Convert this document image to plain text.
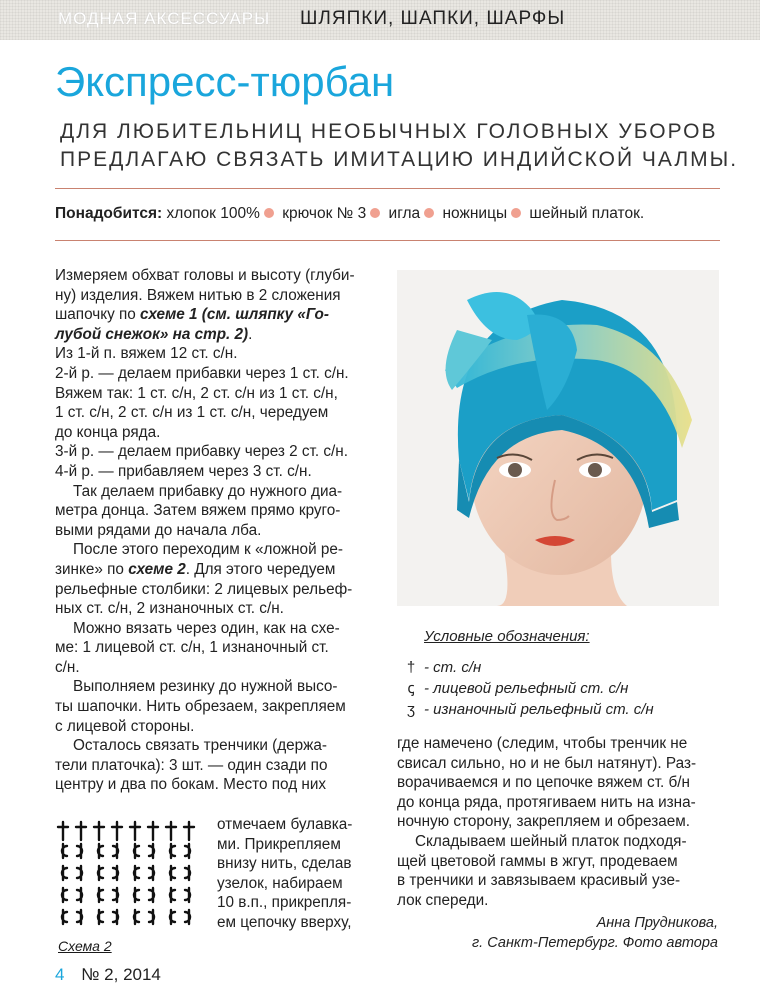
МОДНАЯ АКСЕССУАРЫ ШЛЯПКИ, ШАПКИ, ШАРФЫ
Экспресс-тюрбан
ДЛЯ ЛЮБИТЕЛЬНИЦ НЕОБЫЧНЫХ ГОЛОВНЫХ УБОРОВ
ПРЕДЛАГАЮ СВЯЗАТЬ ИМИТАЦИЮ ИНДИЙСКОЙ ЧАЛМЫ.
Понадобится: хлопок 100% крючок № 3 игла ножницы шейный платок.

Измеряем обхват головы и высоту (глуби-

ну) изделия. Вяжем нитью в 2 сложения

шапочку по схеме 1 (см. шляпку «Го-

лубой снежок» на стр. 2).

Из 1-й п. вяжем 12 ст. с/н.

2-й р. — делаем прибавки через 1 ст. с/н.

Вяжем так: 1 ст. с/н, 2 ст. с/н из 1 ст. с/н,

1 ст. с/н, 2 ст. с/н из 1 ст. с/н, чередуем

до конца ряда.

3-й р. — делаем прибавку через 2 ст. с/н.

4-й р. — прибавляем через 3 ст. с/н.

Так делаем прибавку до нужного диа-

метра донца. Затем вяжем прямо круго-

выми рядами до начала лба.

После этого переходим к «ложной ре-

зинке» по схеме 2. Для этого чередуем

рельефные столбики: 2 лицевых рельеф-

ных ст. с/н, 2 изнаночных ст. с/н.

Можно вязать через один, как на схе-

ме: 1 лицевой ст. с/н, 1 изнаночный ст.

с/н.

Выполняем резинку до нужной высо-

ты шапочки. Нить обрезаем, закрепляем

с лицевой стороны.

Осталось связать тренчики (держа-

тели платочка): 3 шт. — один сзади по

центру и два по бокам. Место под них

Схема 2

отмечаем булавка-

ми. Прикрепляем

внизу нить, сделав

узелок, набираем

10 в.п., прикрепля-

ем цепочку вверху,

Условные обозначения:
† - ст. с/н
ꞔ - лицевой рельефный ст. с/н
ʒ - изнаночный рельефный ст. с/н

где намечено (следим, чтобы тренчик не

свисал сильно, но и не был натянут). Раз-

ворачиваемся и по цепочке вяжем ст. б/н

до конца ряда, протягиваем нить на изна-

ночную сторону, закрепляем и обрезаем.

Складываем шейный платок подходя-

щей цветовой гаммы в жгут, продеваем

в тренчики и завязываем красивый узе-

лок спереди.

Анна Прудникова,
г. Санкт-Петербург. Фото автора
4 № 2, 2014
